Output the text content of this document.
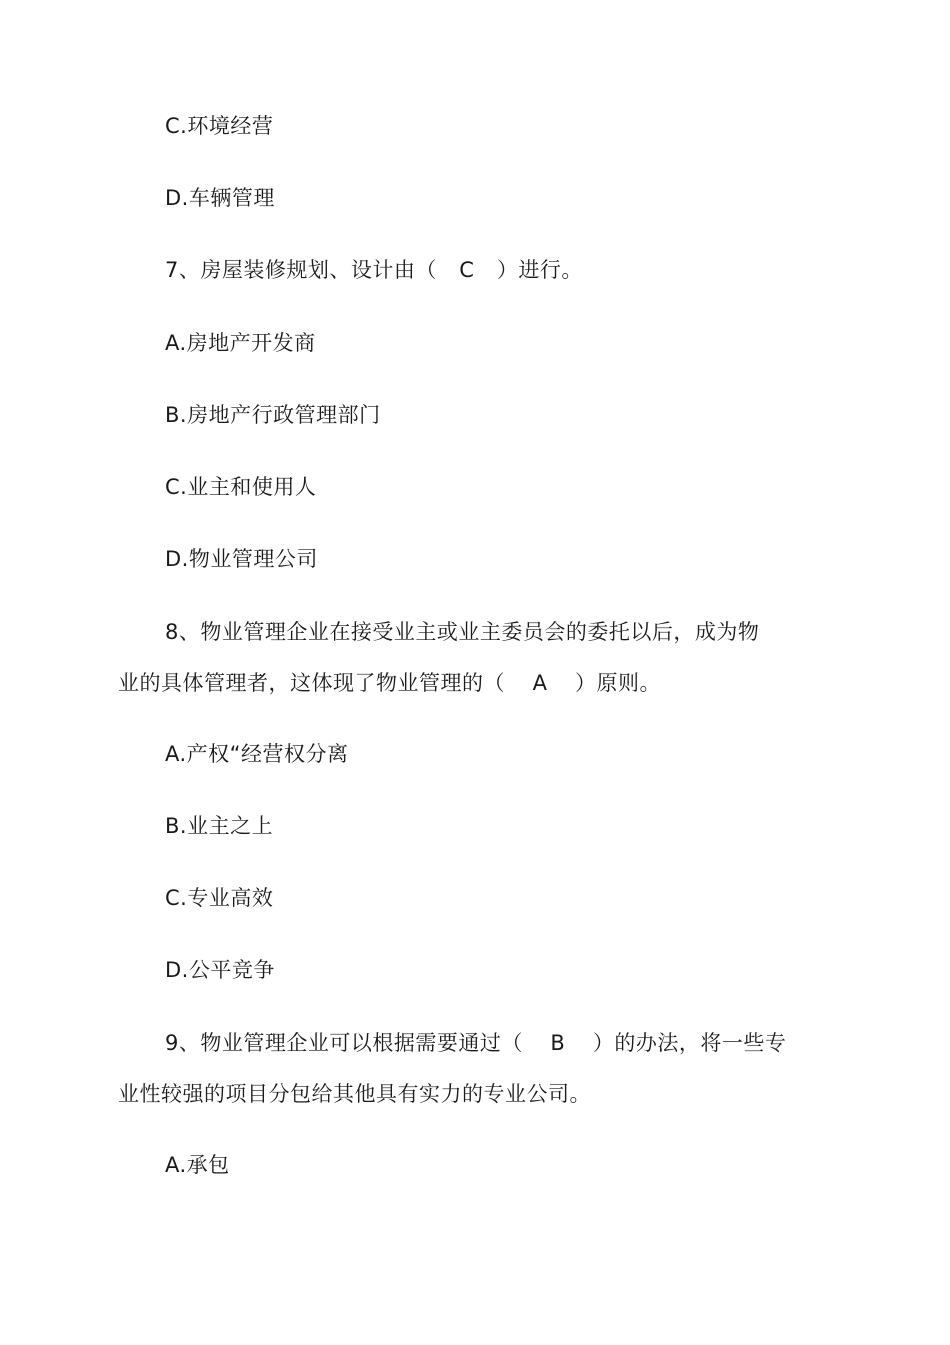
C.环境经营
D.车辆管理
7、房屋装修规划、设计由（ C ）进行。
A.房地产开发商
B.房地产行政管理部门
C.业主和使用人
D.物业管理公司
8、物业管理企业在接受业主或业主委员会的委托以后，成为物
业的具体管理者，这体现了物业管理的（ A ）原则。
A.产权“经营权分离
B.业主之上
C.专业高效
D.公平竞争
9、物业管理企业可以根据需要通过（ B ）的办法，将一些专
业性较强的项目分包给其他具有实力的专业公司。
A.承包
